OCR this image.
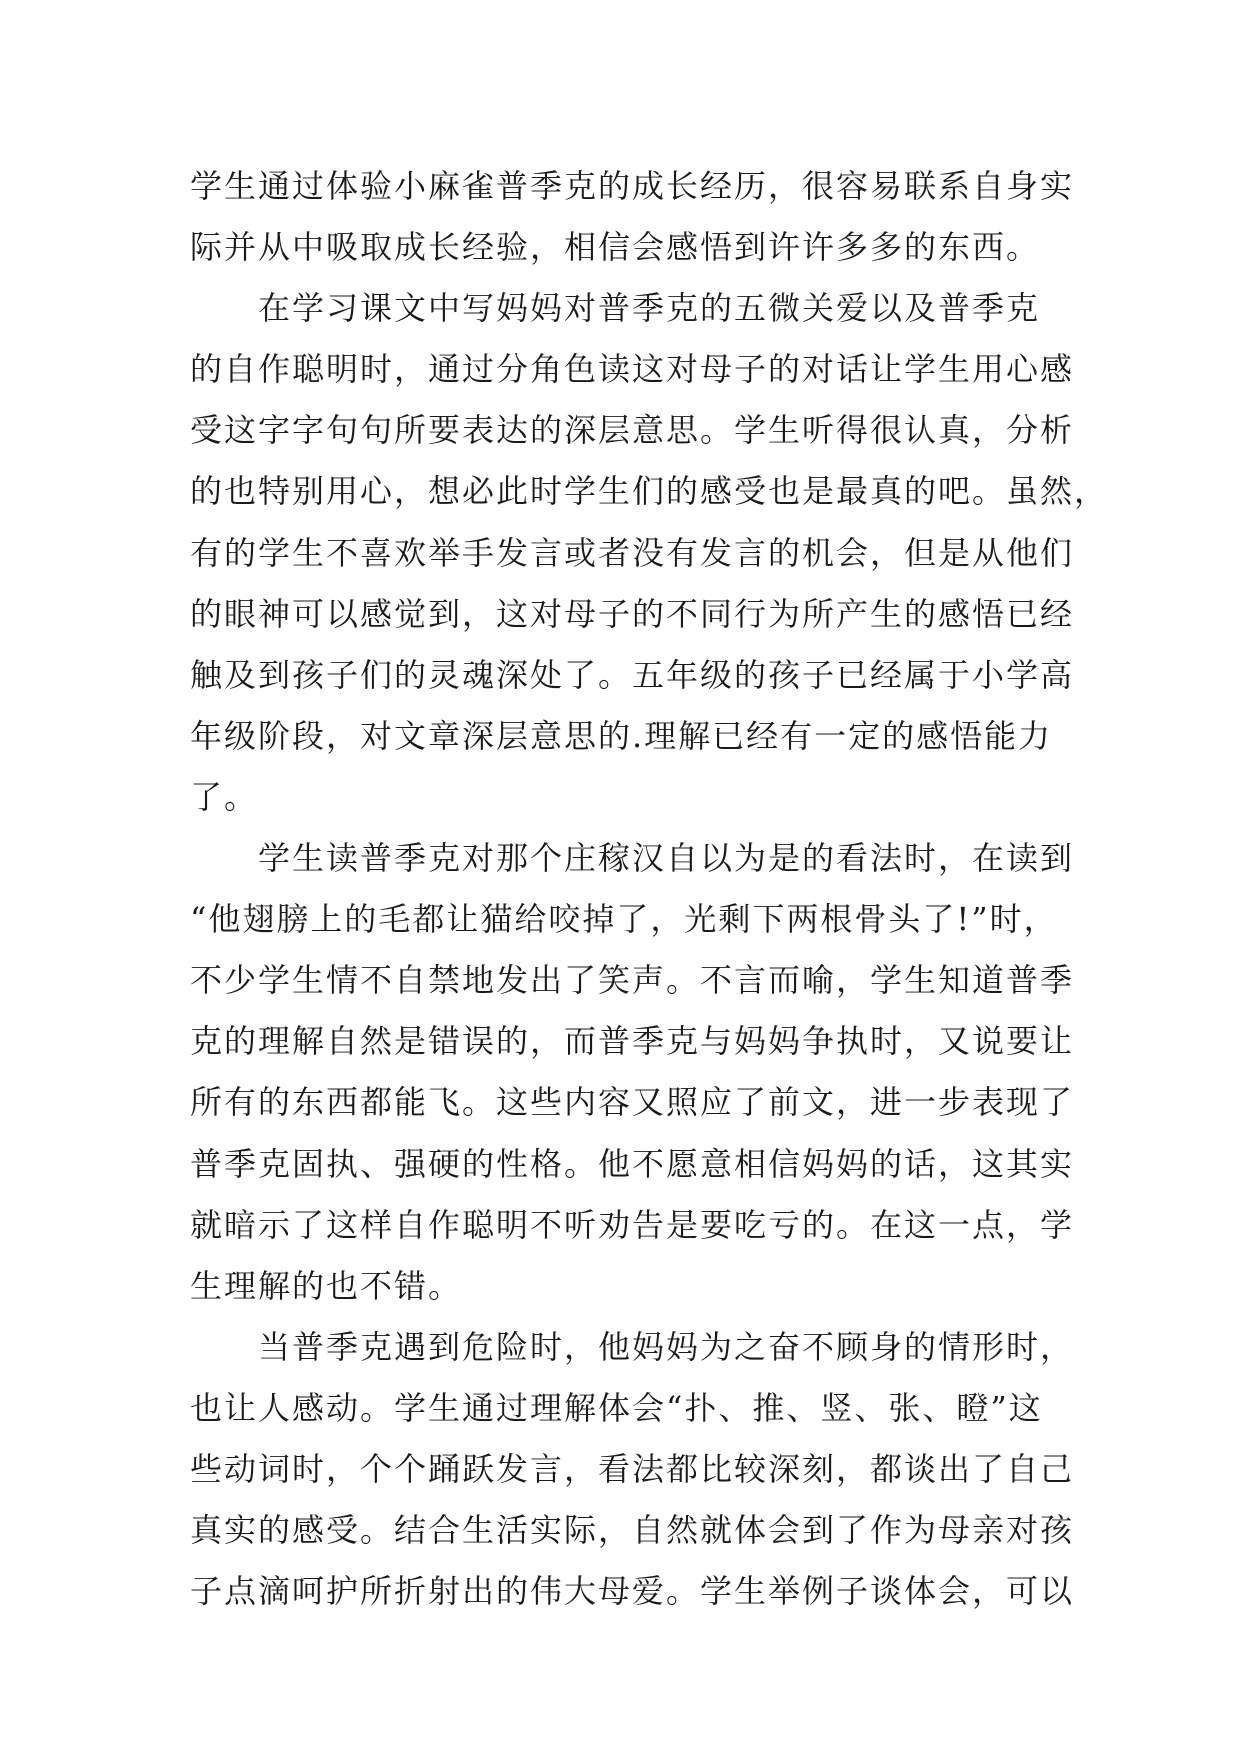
学生通过体验小麻雀普季克的成长经历，很容易联系自身实
际并从中吸取成长经验，相信会感悟到许许多多的东西。
在学习课文中写妈妈对普季克的五微关爱以及普季克
的自作聪明时，通过分角色读这对母子的对话让学生用心感
受这字字句句所要表达的深层意思。学生听得很认真，分析
的也特别用心，想必此时学生们的感受也是最真的吧。虽然，
有的学生不喜欢举手发言或者没有发言的机会，但是从他们
的眼神可以感觉到，这对母子的不同行为所产生的感悟已经
触及到孩子们的灵魂深处了。五年级的孩子已经属于小学高
年级阶段，对文章深层意思的.理解已经有一定的感悟能力
了。
学生读普季克对那个庄稼汉自以为是的看法时，在读到
“他翅膀上的毛都让猫给咬掉了，光剩下两根骨头了!”时，
不少学生情不自禁地发出了笑声。不言而喻，学生知道普季
克的理解自然是错误的，而普季克与妈妈争执时，又说要让
所有的东西都能飞。这些内容又照应了前文，进一步表现了
普季克固执、强硬的性格。他不愿意相信妈妈的话，这其实
就暗示了这样自作聪明不听劝告是要吃亏的。在这一点，学
生理解的也不错。
当普季克遇到危险时，他妈妈为之奋不顾身的情形时，
也让人感动。学生通过理解体会“扑、推、竖、张、瞪”这
些动词时，个个踊跃发言，看法都比较深刻，都谈出了自己
真实的感受。结合生活实际，自然就体会到了作为母亲对孩
子点滴呵护所折射出的伟大母爱。学生举例子谈体会，可以
